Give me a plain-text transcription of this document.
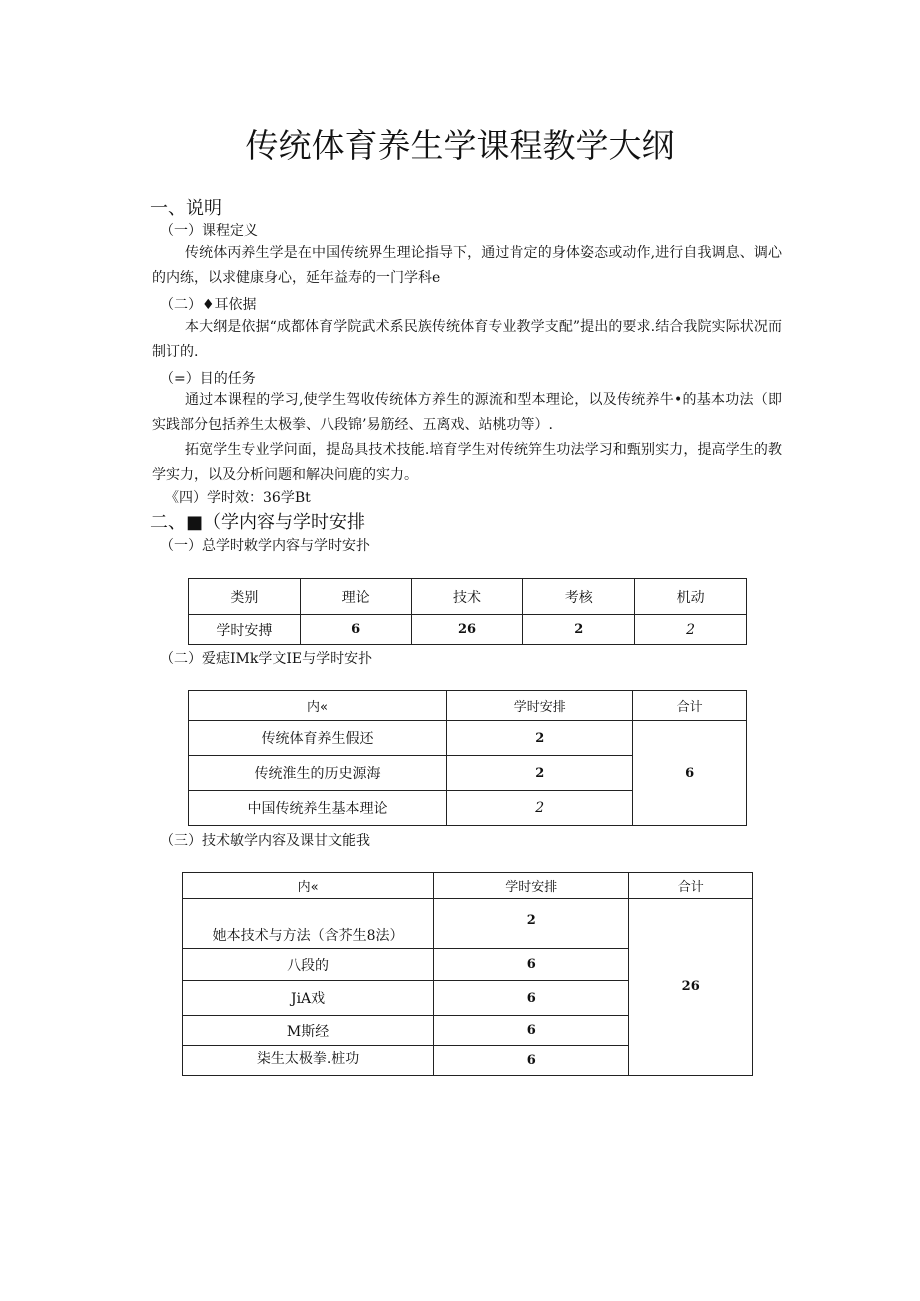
传统体育养生学课程教学大纲
一、说明
（一）课程定义
传统体丙养生学是在中国传统界生理论指导下，通过肯定的身体姿态或动作,进行自我调息、调心的内练，以求健康身心，延年益寿的一门学科e
（二）♦耳依据
本大纲是依据“成都体育学院武术系民族传统体育专业教学支配”提出的要求.结合我院实际状况而制订的.
（=）目的任务
通过本课程的学习,使学生驾收传统体方养生的源流和型本理论，以及传统养牛•的基本功法（即实践部分包括养生太极拳、八段锦’易筋经、五离戏、站桃功等）.
拓宽学生专业学问面，提岛具技术技能.培育学生对传统笄生功法学习和甄别实力，提高学生的教学实力，以及分析问题和解决问鹿的实力。
《四）学时效：36学Bt
二、■（学内容与学时安排
（一）总学时敕学内容与学时安扑
类别	理论	技术	考核	机动
学时安搏	6	26	2	2
（二）爱痣IMk学文IE与学时安扑
内«	学时安排	合计
传统体育养生假还	2	6
传统淮生的历史源海	2	
中国传统养生基本理论	2	
（三）技术敏学内容及课甘文能我
内«	学时安排	合计
她本技术与方法（含芥生8法）	2	26
八段的	6	
JiA戏	6	
M斯经	6	
柒生太极拳.桩功	6	
